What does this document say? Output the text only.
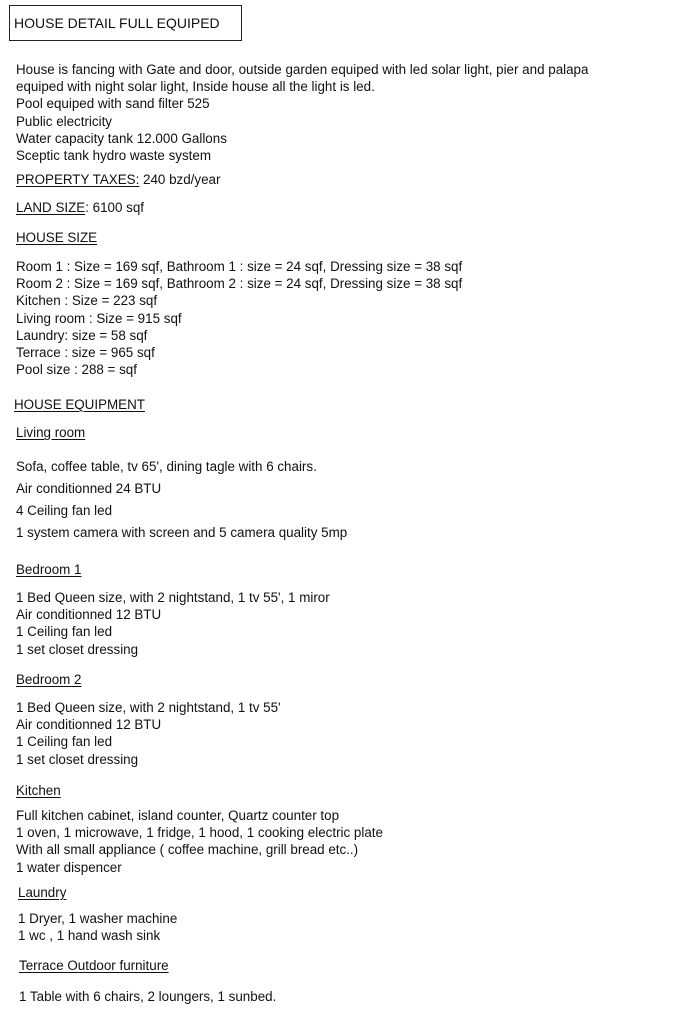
HOUSE DETAIL FULL EQUIPED
House is fancing with Gate and door, outside garden equiped with led solar light, pier and palapa
equiped with night solar light, Inside house all the light is led.
Pool equiped with sand filter 525
Public electricity
Water capacity tank 12.000 Gallons
Sceptic tank hydro waste system
PROPERTY TAXES: 240 bzd/year
LAND SIZE: 6100 sqf
HOUSE SIZE
Room 1 : Size = 169 sqf, Bathroom 1 : size = 24 sqf, Dressing size = 38 sqf
Room 2 : Size = 169 sqf, Bathroom 2 : size = 24 sqf, Dressing size = 38 sqf
Kitchen : Size = 223 sqf
Living room : Size = 915 sqf
Laundry: size = 58 sqf
Terrace : size = 965 sqf
Pool size : 288 = sqf
HOUSE EQUIPMENT
Living room
Sofa, coffee table, tv 65', dining tagle with 6 chairs.
Air conditionned 24 BTU
4 Ceiling fan led
1 system camera with screen and 5 camera quality 5mp
Bedroom 1
1 Bed Queen size, with 2 nightstand, 1 tv 55', 1 miror
Air conditionned 12 BTU
1 Ceiling fan led
1 set closet dressing
Bedroom 2
1 Bed Queen size, with 2 nightstand, 1 tv 55'
Air conditionned 12 BTU
1 Ceiling fan led
1 set closet dressing
Kitchen
Full kitchen cabinet, island counter, Quartz counter top
1 oven, 1 microwave, 1 fridge, 1 hood, 1 cooking electric plate
With all small appliance ( coffee machine, grill bread etc..)
1 water dispencer
Laundry
1 Dryer, 1 washer machine
1 wc , 1 hand wash sink
Terrace Outdoor furniture
1 Table with 6 chairs, 2 loungers, 1 sunbed.
